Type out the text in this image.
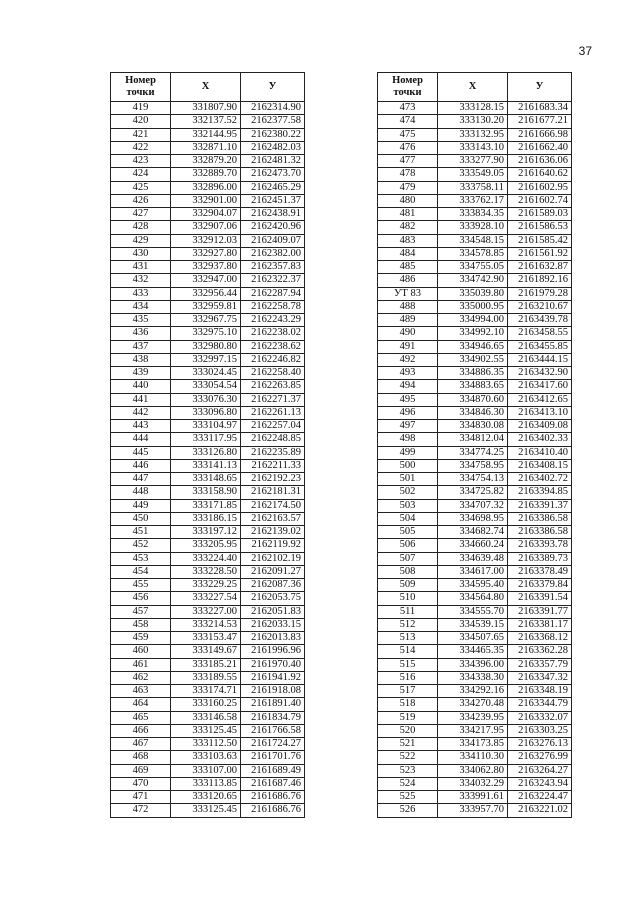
37
Номер точки	X	У
419	331807.90	2162314.90
420	332137.52	2162377.58
421	332144.95	2162380.22
422	332871.10	2162482.03
423	332879.20	2162481.32
424	332889.70	2162473.70
425	332896.00	2162465.29
426	332901.00	2162451.37
427	332904.07	2162438.91
428	332907.06	2162420.96
429	332912.03	2162409.07
430	332927.80	2162382.00
431	332937.80	2162357.83
432	332947.00	2162322.37
433	332956.44	2162287.94
434	332959.81	2162258.78
435	332967.75	2162243.29
436	332975.10	2162238.02
437	332980.80	2162238.62
438	332997.15	2162246.82
439	333024.45	2162258.40
440	333054.54	2162263.85
441	333076.30	2162271.37
442	333096.80	2162261.13
443	333104.97	2162257.04
444	333117.95	2162248.85
445	333126.80	2162235.89
446	333141.13	2162211.33
447	333148.65	2162192.23
448	333158.90	2162181.31
449	333171.85	2162174.50
450	333186.15	2162163.57
451	333197.12	2162139.02
452	333205.95	2162119.92
453	333224.40	2162102.19
454	333228.50	2162091.27
455	333229.25	2162087.36
456	333227.54	2162053.75
457	333227.00	2162051.83
458	333214.53	2162033.15
459	333153.47	2162013.83
460	333149.67	2161996.96
461	333185.21	2161970.40
462	333189.55	2161941.92
463	333174.71	2161918.08
464	333160.25	2161891.40
465	333146.58	2161834.79
466	333125.45	2161766.58
467	333112.50	2161724.27
468	333103.63	2161701.76
469	333107.00	2161689.49
470	333113.85	2161687.46
471	333120.65	2161686.76
472	333125.45	2161686.76
Номер точки	X	У
473	333128.15	2161683.34
474	333130.20	2161677.21
475	333132.95	2161666.98
476	333143.10	2161662.40
477	333277.90	2161636.06
478	333549.05	2161640.62
479	333758.11	2161602.95
480	333762.17	2161602.74
481	333834.35	2161589.03
482	333928.10	2161586.53
483	334548.15	2161585.42
484	334578.85	2161561.92
485	334755.05	2161632.87
486	334742.90	2161892.16
УТ 83	335039.80	2161979.28
488	335000.95	2163210.67
489	334994.00	2163439.78
490	334992.10	2163458.55
491	334946.65	2163455.85
492	334902.55	2163444.15
493	334886.35	2163432.90
494	334883.65	2163417.60
495	334870.60	2163412.65
496	334846.30	2163413.10
497	334830.08	2163409.08
498	334812.04	2163402.33
499	334774.25	2163410.40
500	334758.95	2163408.15
501	334754.13	2163402.72
502	334725.82	2163394.85
503	334707.32	2163391.37
504	334698.95	2163386.58
505	334682.74	2163386.58
506	334660.24	2163393.78
507	334639.48	2163389.73
508	334617.00	2163378.49
509	334595.40	2163379.84
510	334564.80	2163391.54
511	334555.70	2163391.77
512	334539.15	2163381.17
513	334507.65	2163368.12
514	334465.35	2163362.28
515	334396.00	2163357.79
516	334338.30	2163347.32
517	334292.16	2163348.19
518	334270.48	2163344.79
519	334239.95	2163332.07
520	334217.95	2163303.25
521	334173.85	2163276.13
522	334110.30	2163276.99
523	334062.80	2163264.27
524	334032.29	2163243.94
525	333991.61	2163224.47
526	333957.70	2163221.02
